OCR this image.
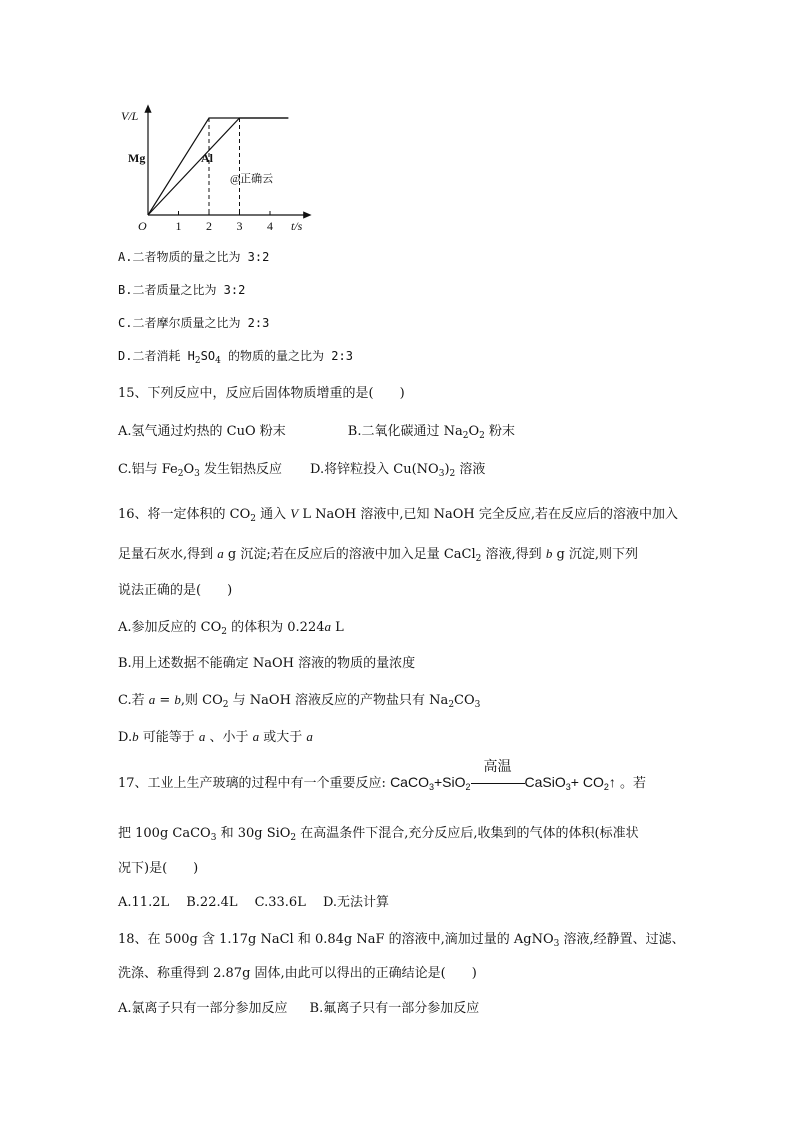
V/L
t/s
O 1 2 3 4
Mg	Al
@正确云
A.二者物质的量之比为 3:2
B.二者质量之比为 3:2
C.二者摩尔质量之比为 2:3
D.二者消耗 $H_2SO_4$ 的物质的量之比为 2:3
15、下列反应中，反应后固体物质增重的是(　　)
A.氢气通过灼热的 CuO 粉末	B.二氧化碳通过 $Na_2O_2$ 粉末
C.铝与 $Fe_2O_3$ 发生铝热反应 D.将锌粒投入 $Cu(NO_3)_2$ 溶液
16、将一定体积的 $CO_2$ 通入 V L NaOH 溶液中,已知 NaOH 完全反应,若在反应后的溶液中加入
足量石灰水,得到 a g 沉淀;若在反应后的溶液中加入足量 CaCl$_2$ 溶液,得到 b g 沉淀,则下列
说法正确的是(　　)
A.参加反应的 $CO_2$ 的体积为 0.224a L
B.用上述数据不能确定 NaOH 溶液的物质的量浓度
C.若 a = b,则 $CO_2$ 与 NaOH 溶液反应的产物盐只有 $Na_2CO_3$
D.b 可能等于 a 、小于 a 或大于 a
17、工业上生产玻璃的过程中有一个重要反应: CaCO$_3$+SiO$_2$
高温
CaSiO$_3$+ $CO_2↑$ 。若
把 100g CaCO$_3$ 和 30g SiO$_2$ 在高温条件下混合,充分反应后,收集到的气体的体积(标准状
况下)是(　　)
A.11.2L　 B.22.4L　 C.33.6L　 D.无法计算
18、在 500g 含 1.17g NaCl 和 0.84g NaF 的溶液中,滴加过量的 AgNO$_3$ 溶液,经静置、过滤、
洗涤、称重得到 2.87g 固体,由此可以得出的正确结论是(　　)
A.氯离子只有一部分参加反应 B.氟离子只有一部分参加反应
